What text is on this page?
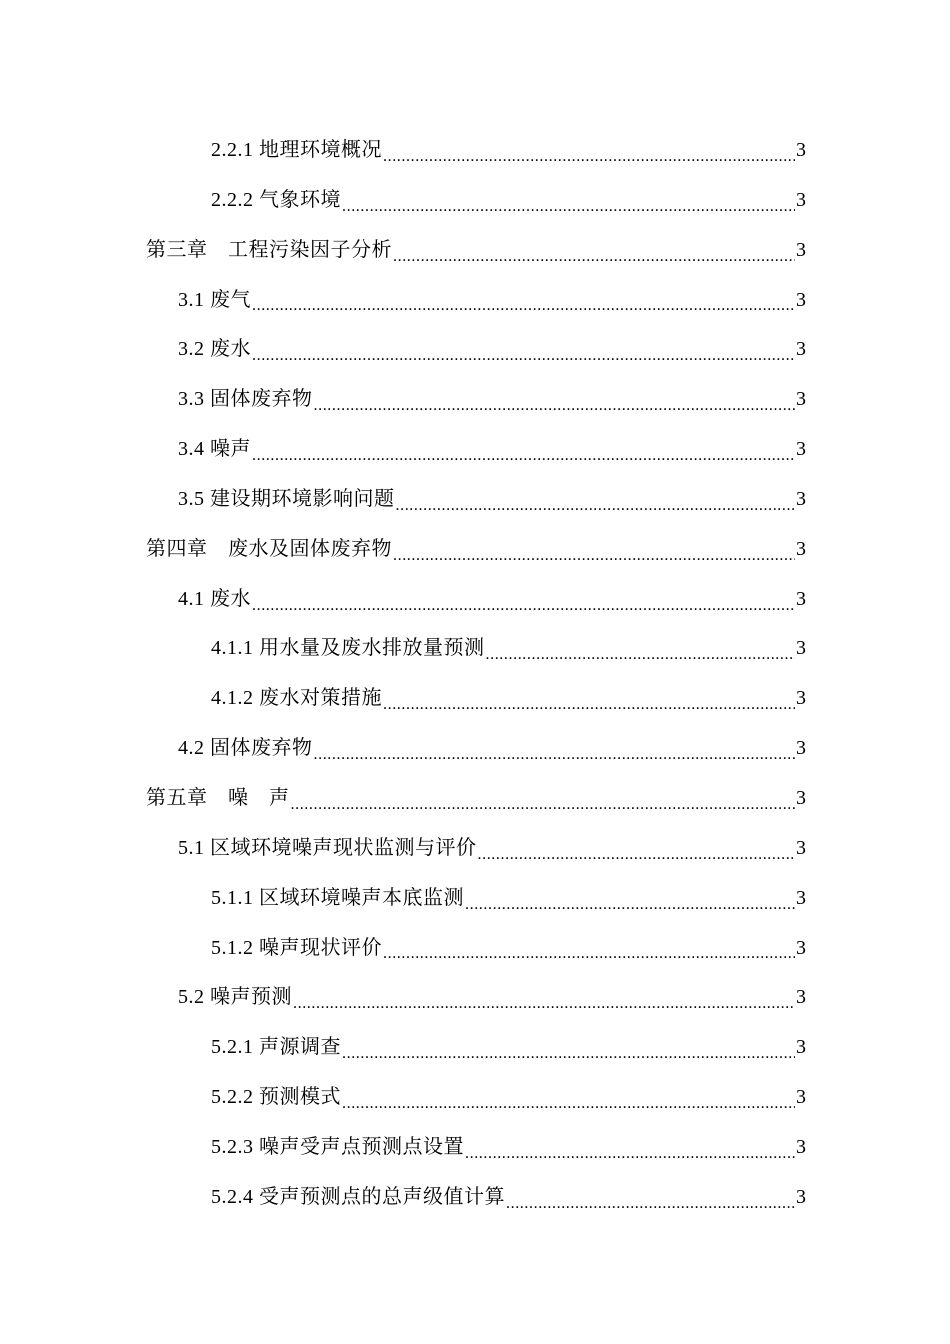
2.2.1 地理环境概况 .....	3
2.2.2 气象环境 .....	3
第三章　工程污染因子分析 .....	3
3.1 废气 .....	3
3.2 废水 .....	3
3.3 固体废弃物 .....	3
3.4 噪声 .....	3
3.5 建设期环境影响问题 .....	3
第四章　废水及固体废弃物 .....	3
4.1 废水 .....	3
4.1.1 用水量及废水排放量预测 .....	3
4.1.2 废水对策措施 .....	3
4.2 固体废弃物 .....	3
第五章　噪　声 .....	3
5.1 区域环境噪声现状监测与评价 .....	3
5.1.1 区域环境噪声本底监测 .....	3
5.1.2 噪声现状评价 .....	3
5.2 噪声预测 .....	3
5.2.1 声源调查 .....	3
5.2.2 预测模式 .....	3
5.2.3 噪声受声点预测点设置 .....	3
5.2.4 受声预测点的总声级值计算 .....	3
